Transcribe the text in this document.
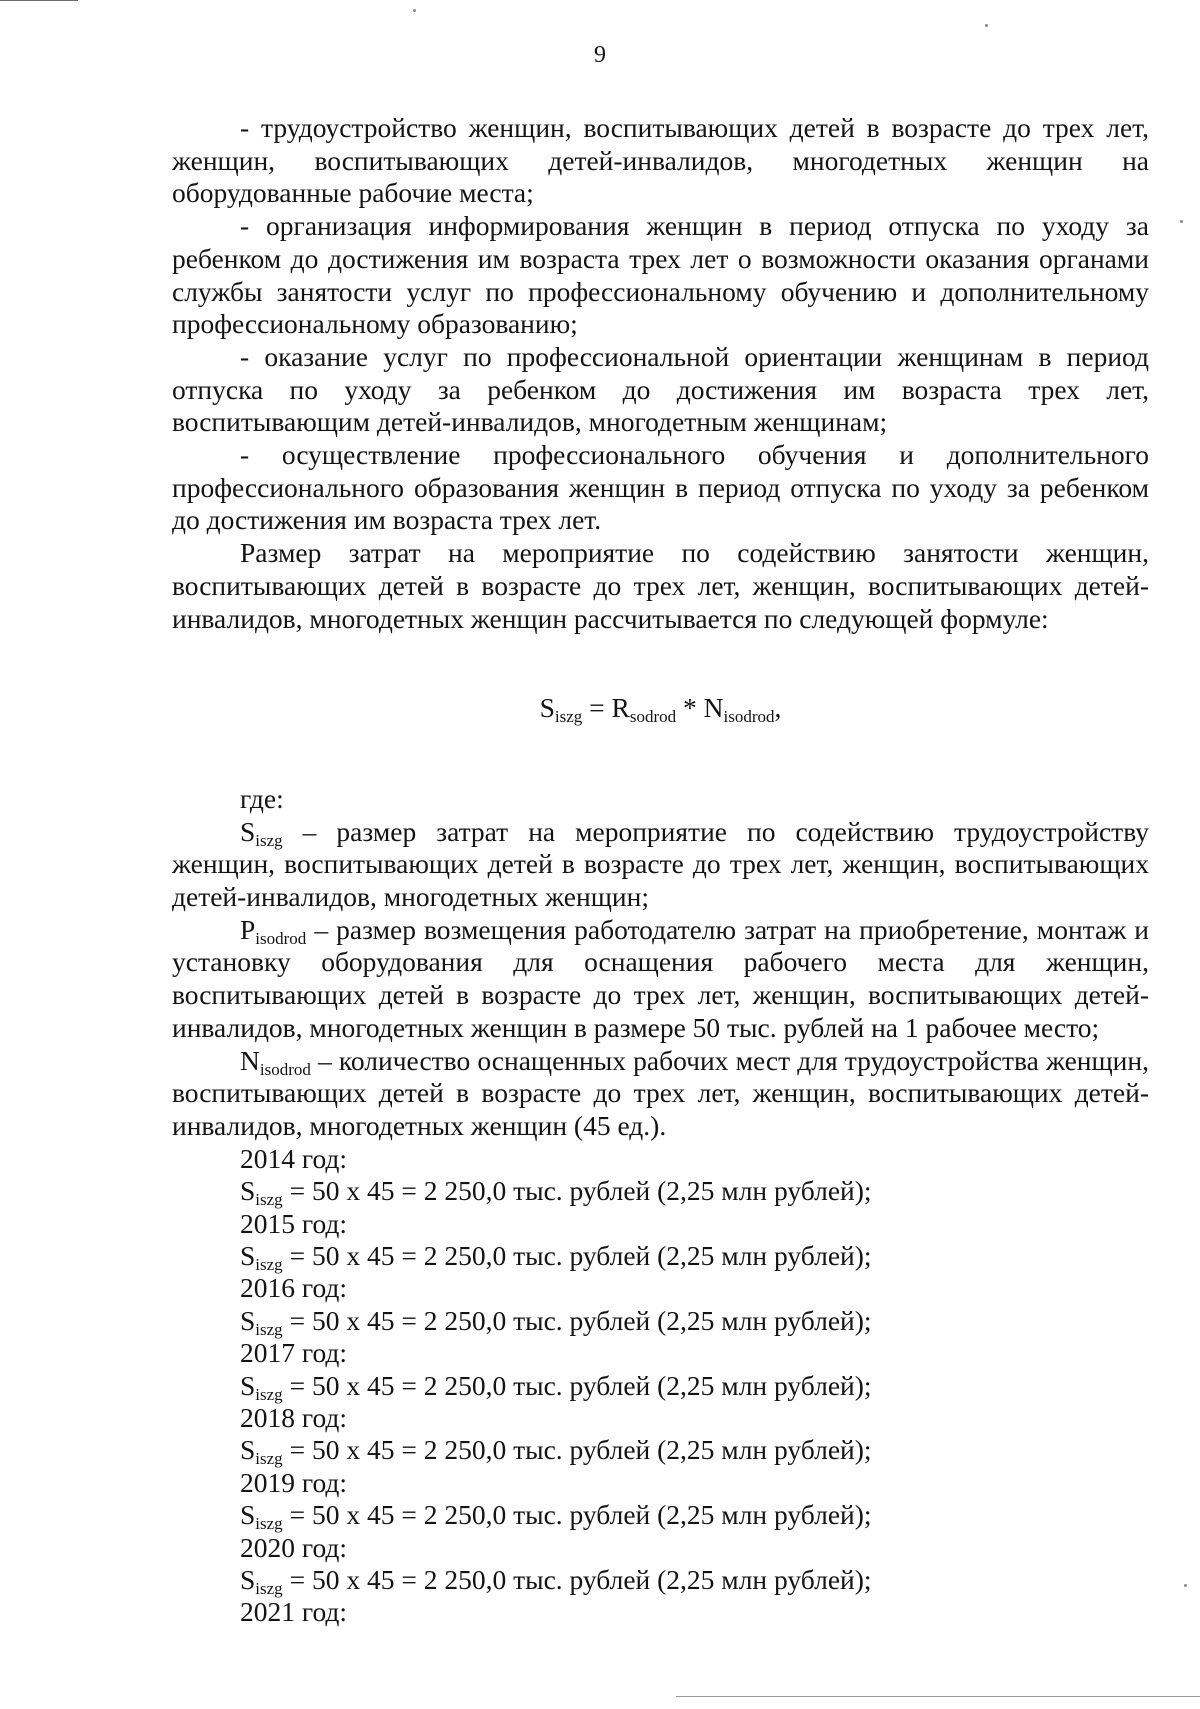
9

- трудоустройство женщин, воспитывающих детей в возрасте до трех лет, женщин, воспитывающих детей-инвалидов, многодетных женщин на оборудованные рабочие места;

- организация информирования женщин в период отпуска по уходу за ребенком до достижения им возраста трех лет о возможности оказания органами службы занятости услуг по профессиональному обучению и дополнительному профессиональному образованию;

- оказание услуг по профессиональной ориентации женщинам в период отпуска по уходу за ребенком до достижения им возраста трех лет, воспитывающим детей-инвалидов, многодетным женщинам;

- осуществление профессионального обучения и дополнительного профессионального образования женщин в период отпуска по уходу за ребенком до достижения им возраста трех лет.

Размер затрат на мероприятие по содействию занятости женщин, воспитывающих детей в возрасте до трех лет, женщин, воспитывающих детей-инвалидов, многодетных женщин рассчитывается по следующей формуле:

$S_{iszg} = R_{sodrod} * N_{isodrod}$,

где:

$S_{iszg}$ – размер затрат на мероприятие по содействию трудоустройству женщин, воспитывающих детей в возрасте до трех лет, женщин, воспитывающих детей-инвалидов, многодетных женщин;

$P_{isodrod}$ – размер возмещения работодателю затрат на приобретение, монтаж и установку оборудования для оснащения рабочего места для женщин, воспитывающих детей в возрасте до трех лет, женщин, воспитывающих детей-инвалидов, многодетных женщин в размере 50 тыс. рублей на 1 рабочее место;

$N_{isodrod}$ – количество оснащенных рабочих мест для трудоустройства женщин, воспитывающих детей в возрасте до трех лет, женщин, воспитывающих детей-инвалидов, многодетных женщин (45 ед.).

2014 год:

$S_{iszg} = 50$ х 45 = 2 250,0 тыс. рублей (2,25 млн рублей);

2015 год:

$S_{iszg} = 50$ х 45 = 2 250,0 тыс. рублей (2,25 млн рублей);

2016 год:

$S_{iszg} = 50$ х 45 = 2 250,0 тыс. рублей (2,25 млн рублей);

2017 год:

$S_{iszg} = 50$ х 45 = 2 250,0 тыс. рублей (2,25 млн рублей);

2018 год:

$S_{iszg} = 50$ х 45 = 2 250,0 тыс. рублей (2,25 млн рублей);

2019 год:

$S_{iszg} = 50$ х 45 = 2 250,0 тыс. рублей (2,25 млн рублей);

2020 год:

$S_{iszg} = 50$ х 45 = 2 250,0 тыс. рублей (2,25 млн рублей);

2021 год:
